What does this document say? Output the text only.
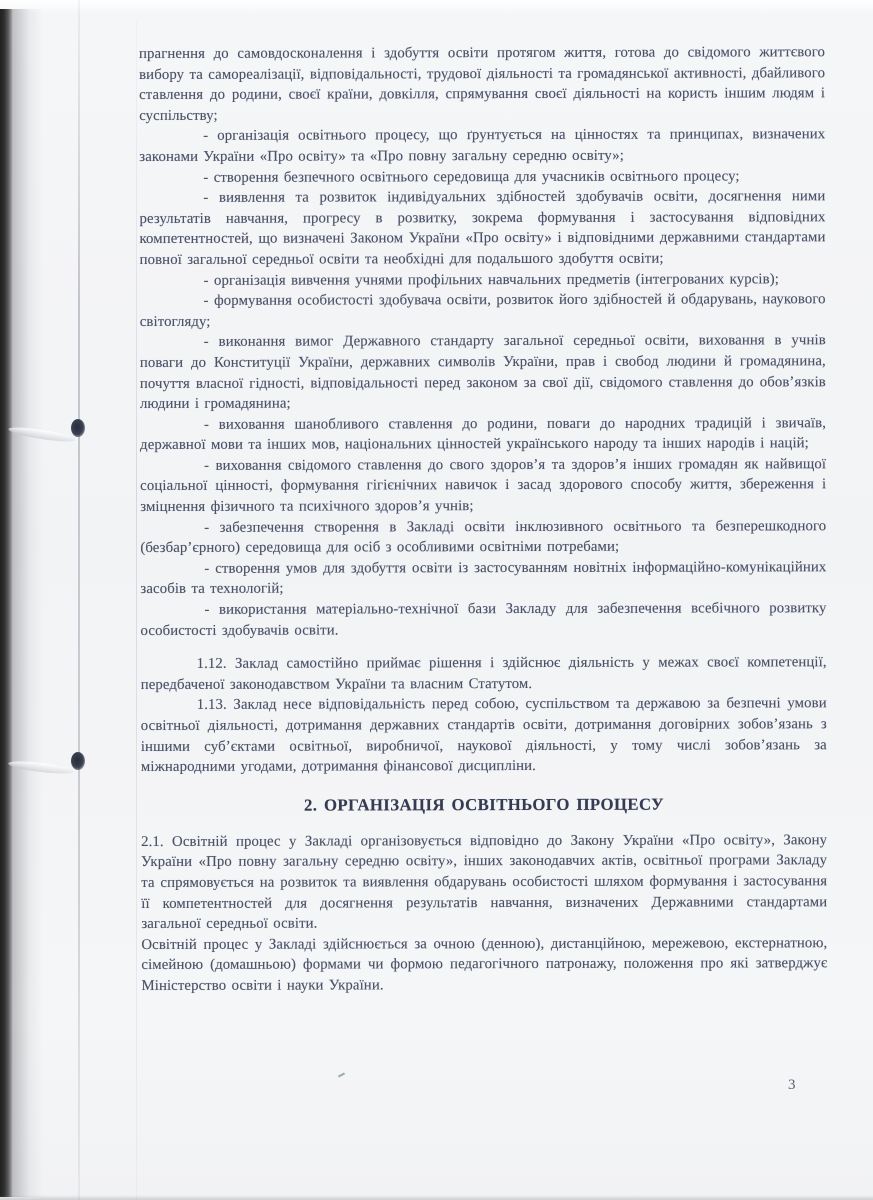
прагнення до самовдосконалення і здобуття освіти протягом життя, готова до свідомого життєвого вибору та самореалізації, відповідальності, трудової діяльності та громадянської активності, дбайливого ставлення до родини, своєї країни, довкілля, спрямування своєї діяльності на користь іншим людям і суспільству;

- організація освітнього процесу, що ґрунтується на цінностях та принципах, визначених законами України «Про освіту» та «Про повну загальну середню освіту»;

- створення безпечного освітнього середовища для учасників освітнього процесу;

- виявлення та розвиток індивідуальних здібностей здобувачів освіти, досягнення ними результатів навчання, прогресу в розвитку, зокрема формування і застосування відповідних компетентностей, що визначені Законом України «Про освіту» і відповідними державними стандартами повної загальної середньої освіти та необхідні для подальшого здобуття освіти;

- організація вивчення учнями профільних навчальних предметів (інтегрованих курсів);

- формування особистості здобувача освіти, розвиток його здібностей й обдарувань, наукового світогляду;

- виконання вимог Державного стандарту загальної середньої освіти, виховання в учнів поваги до Конституції України, державних символів України, прав і свобод людини й громадянина, почуття власної гідності, відповідальності перед законом за свої дії, свідомого ставлення до обов’язків людини і громадянина;

- виховання шанобливого ставлення до родини, поваги до народних традицій і звичаїв, державної мови та інших мов, національних цінностей українського народу та інших народів і націй;

- виховання свідомого ставлення до свого здоров’я та здоров’я інших громадян як найвищої соціальної цінності, формування гігієнічних навичок і засад здорового способу життя, збереження і зміцнення фізичного та психічного здоров’я учнів;

- забезпечення створення в Закладі освіти інклюзивного освітнього та безперешкодного (безбар’єрного) середовища для осіб з особливими освітніми потребами;

- створення умов для здобуття освіти із застосуванням новітніх інформаційно-комунікаційних засобів та технологій;

- використання матеріально-технічної бази Закладу для забезпечення всебічного розвитку особистості здобувачів освіти.

1.12. Заклад самостійно приймає рішення і здійснює діяльність у межах своєї компетенції, передбаченої законодавством України та власним Статутом.

1.13. Заклад несе відповідальність перед собою, суспільством та державою за безпечні умови освітньої діяльності, дотримання державних стандартів освіти, дотримання договірних зобов’язань з іншими суб’єктами освітньої, виробничої, наукової діяльності, у тому числі зобов’язань за міжнародними угодами, дотримання фінансової дисципліни.

2. ОРГАНІЗАЦІЯ ОСВІТНЬОГО ПРОЦЕСУ

2.1. Освітній процес у Закладі організовується відповідно до Закону України «Про освіту», Закону України «Про повну загальну середню освіту», інших законодавчих актів, освітньої програми Закладу та спрямовується на розвиток та виявлення обдарувань особистості шляхом формування і застосування її компетентностей для досягнення результатів навчання, визначених Державними стандартами загальної середньої освіти.

Освітній процес у Закладі здійснюється за очною (денною), дистанційною, мережевою, екстернатною, сімейною (домашньою) формами чи формою педагогічного патронажу, положення про які затверджує Міністерство освіти і науки України.

3
